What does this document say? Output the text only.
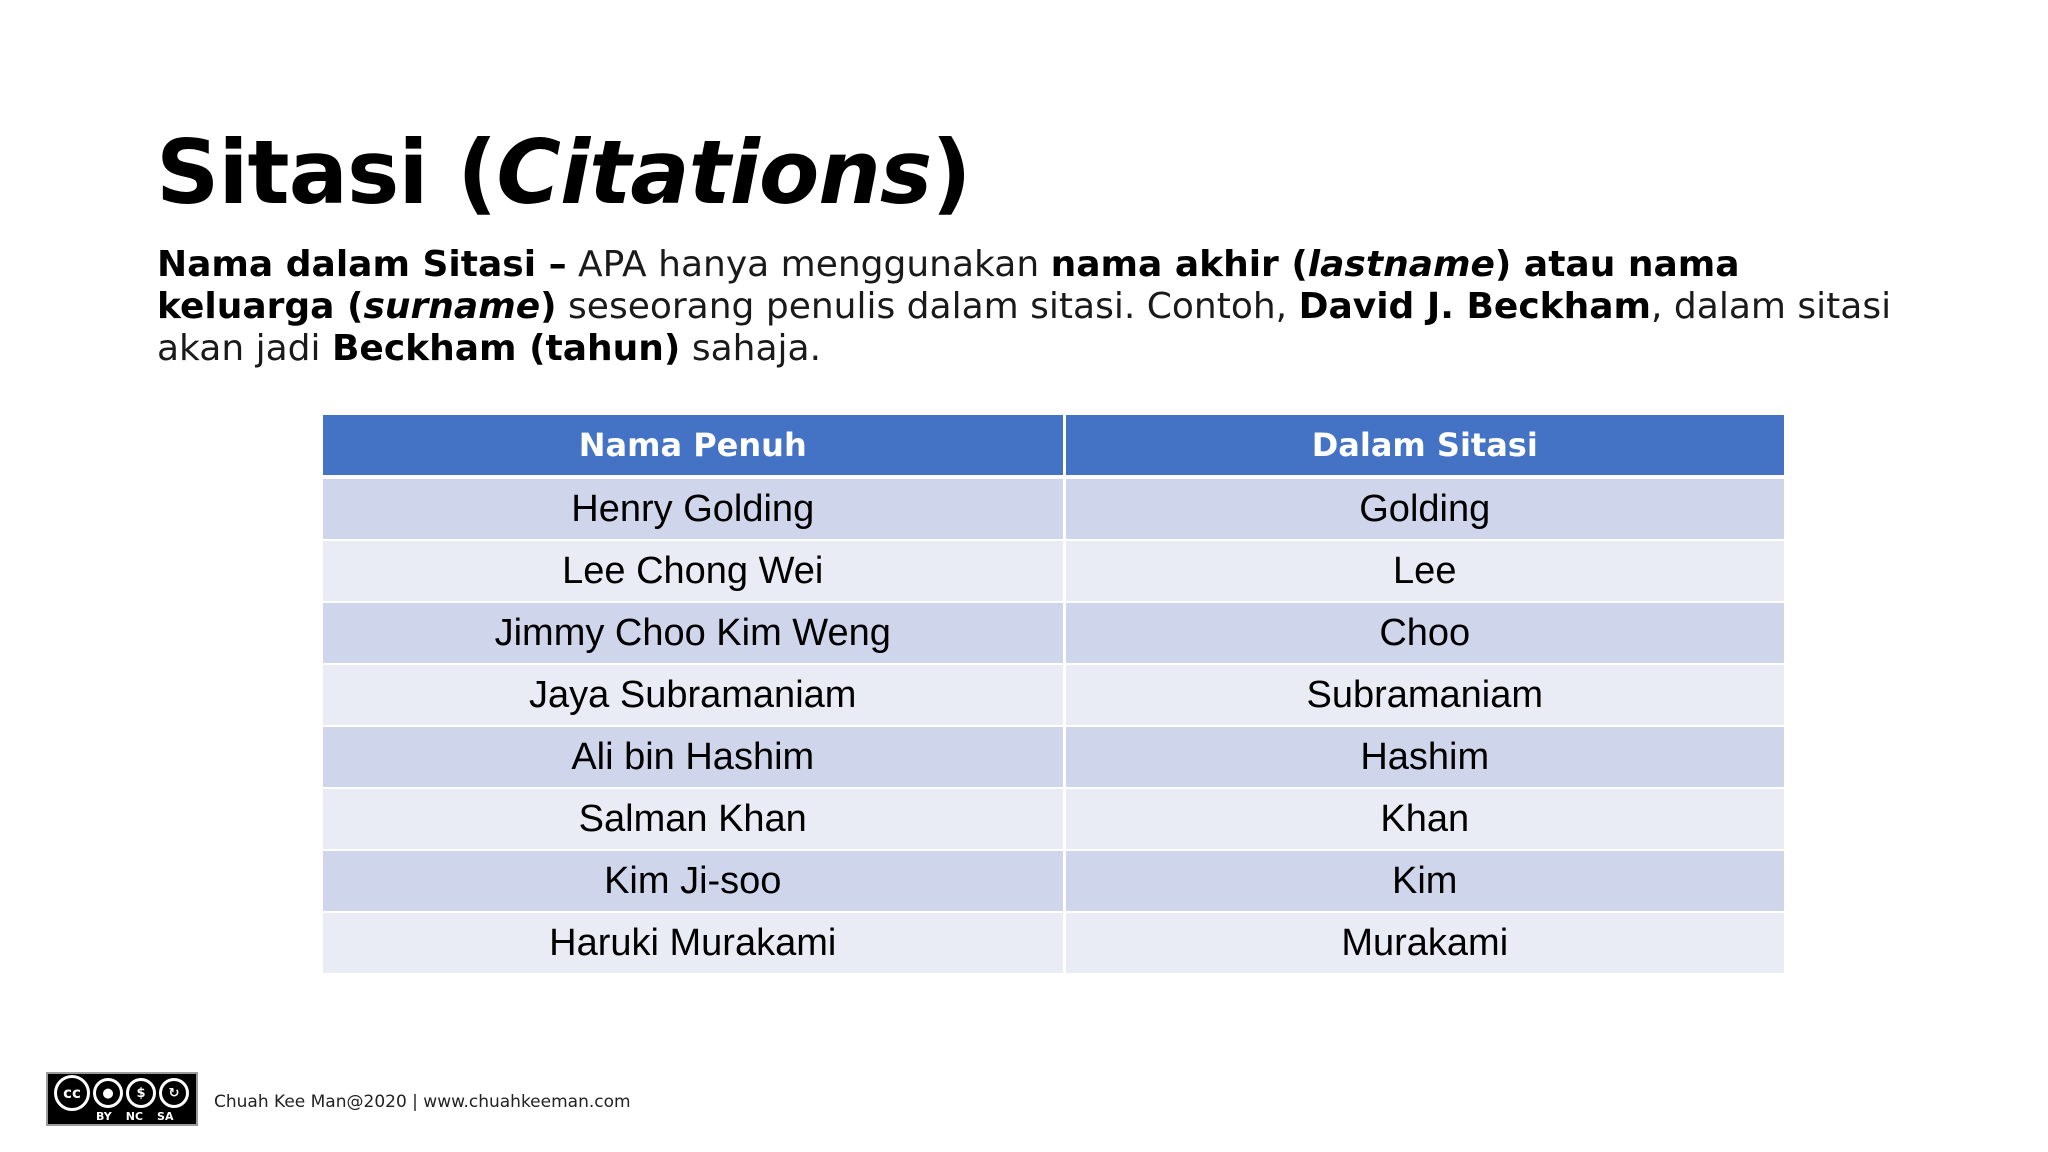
Sitasi (Citations)

Nama dalam Sitasi – APA hanya menggunakan nama akhir (lastname) atau nama keluarga (surname) seseorang penulis dalam sitasi. Contoh, David J. Beckham, dalam sitasi akan jadi Beckham (tahun) sahaja.

Nama Penuh	Dalam Sitasi
Henry Golding	Golding
Lee Chong Wei	Lee
Jimmy Choo Kim Weng	Choo
Jaya Subramaniam	Subramaniam
Ali bin Hashim	Hashim
Salman Khan	Khan
Kim Ji-soo	Kim
Haruki Murakami	Murakami
cc	●	$	↻
BY NC SA
Chuah Kee Man@2020 | www.chuahkeeman.com
